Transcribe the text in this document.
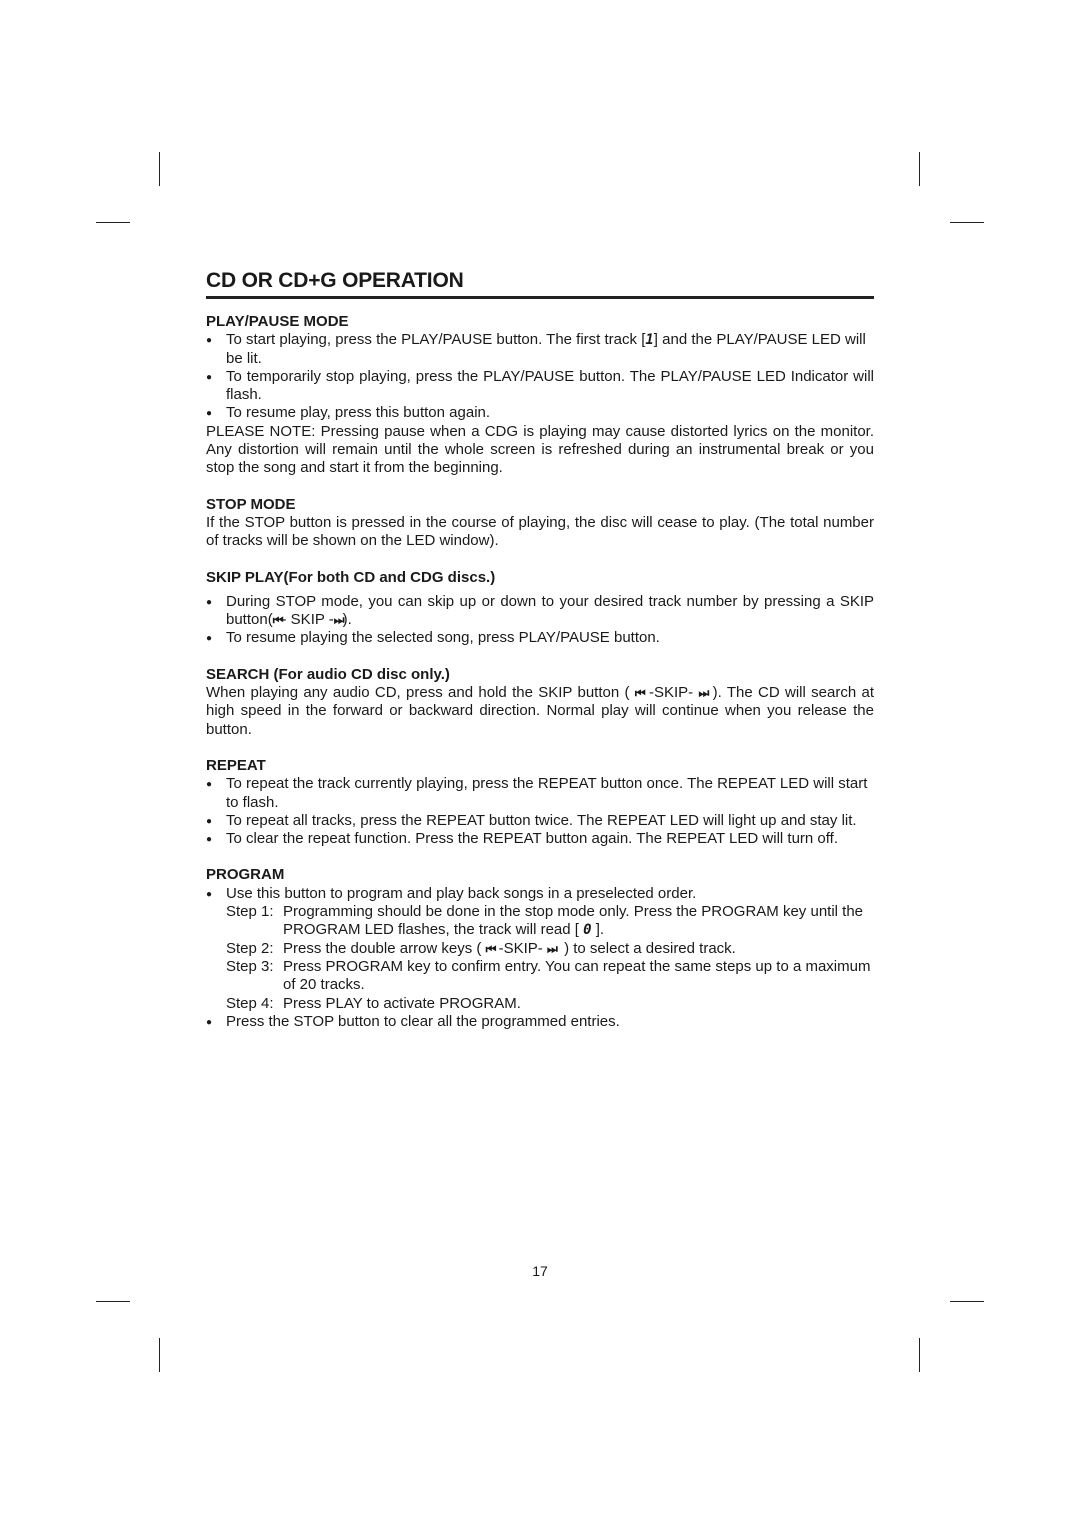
CD OR CD+G OPERATION
PLAY/PAUSE MODE
● To start playing, press the PLAY/PAUSE button. The first track [1] and the PLAY/PAUSE LED will be lit.
● To temporarily stop playing, press the PLAY/PAUSE button. The PLAY/PAUSE LED Indicator will flash.
● To resume play, press this button again.

PLEASE NOTE: Pressing pause when a CDG is playing may cause distorted lyrics on the monitor. Any distortion will remain until the whole screen is refreshed during an instrumental break or you stop the song and start it from the beginning.

STOP MODE

If the STOP button is pressed in the course of playing, the disc will cease to play. (The total number of tracks will be shown on the LED window).

SKIP PLAY(For both CD and CDG discs.)
● During STOP mode, you can skip up or down to your desired track number by pressing a SKIP button(⏮- SKIP -⏭).
● To resume playing the selected song, press PLAY/PAUSE button.
SEARCH (For audio CD disc only.)

When playing any audio CD, press and hold the SKIP button ( ⏮ -SKIP- ⏭ ). The CD will search at high speed in the forward or backward direction. Normal play will continue when you release the button.

REPEAT
● To repeat the track currently playing, press the REPEAT button once. The REPEAT LED will start to flash.
● To repeat all tracks, press the REPEAT button twice. The REPEAT LED will light up and stay lit.
● To clear the repeat function. Press the REPEAT button again. The REPEAT LED will turn off.
PROGRAM
● Use this button to program and play back songs in a preselected order.
Step 1: Programming should be done in the stop mode only. Press the PROGRAM key until the PROGRAM LED flashes, the track will read [ 0 ].
Step 2: Press the double arrow keys ( ⏮ -SKIP- ⏭ ) to select a desired track.
Step 3: Press PROGRAM key to confirm entry. You can repeat the same steps up to a maximum of 20 tracks.
Step 4: Press PLAY to activate PROGRAM.
● Press the STOP button to clear all the programmed entries.
17
